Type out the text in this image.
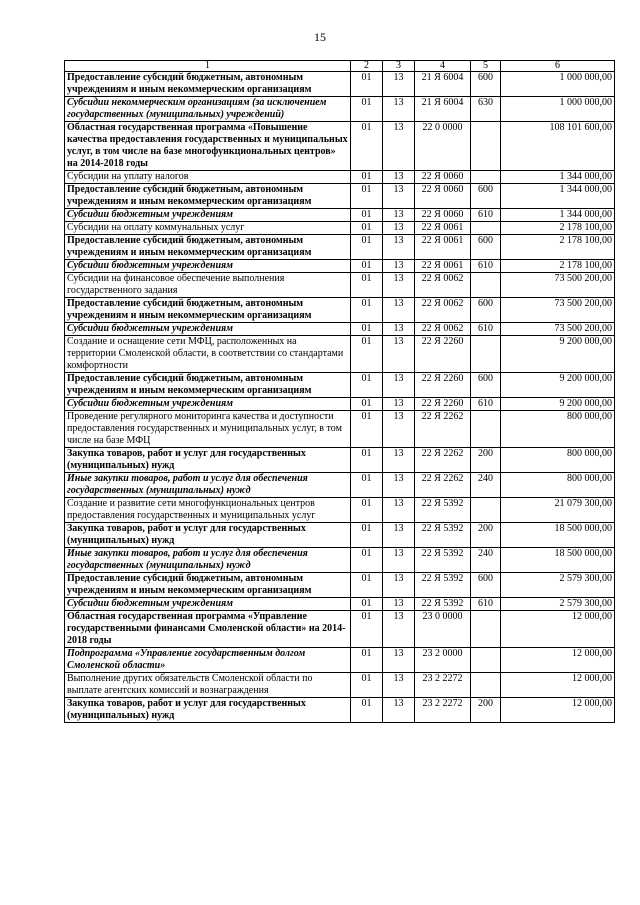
15
1	2	3	4	5	6
Предоставление субсидий бюджетным, автономным учреждениям и иным некоммерческим организациям	01	13	21 Я 6004	600	1 000 000,00
Субсидии некоммерческим организациям (за исключением государственных (муниципальных) учреждений)	01	13	21 Я 6004	630	1 000 000,00
Областная государственная программа «Повышение качества предоставления государственных и муниципальных услуг, в том числе на базе многофункциональных центров» на 2014-2018 годы	01	13	22 0 0000		108 101 600,00
Субсидии на уплату налогов	01	13	22 Я 0060		1 344 000,00
Предоставление субсидий бюджетным, автономным учреждениям и иным некоммерческим организациям	01	13	22 Я 0060	600	1 344 000,00
Субсидии бюджетным учреждениям	01	13	22 Я 0060	610	1 344 000,00
Субсидии на оплату коммунальных услуг	01	13	22 Я 0061		2 178 100,00
Предоставление субсидий бюджетным, автономным учреждениям и иным некоммерческим организациям	01	13	22 Я 0061	600	2 178 100,00
Субсидии бюджетным учреждениям	01	13	22 Я 0061	610	2 178 100,00
Субсидии на финансовое обеспечение выполнения государственного задания	01	13	22 Я 0062		73 500 200,00
Предоставление субсидий бюджетным, автономным учреждениям и иным некоммерческим организациям	01	13	22 Я 0062	600	73 500 200,00
Субсидии бюджетным учреждениям	01	13	22 Я 0062	610	73 500 200,00
Создание и оснащение сети МФЦ, расположенных на территории Смоленской области, в соответствии со стандартами комфортности	01	13	22 Я 2260		9 200 000,00
Предоставление субсидий бюджетным, автономным учреждениям и иным некоммерческим организациям	01	13	22 Я 2260	600	9 200 000,00
Субсидии бюджетным учреждениям	01	13	22 Я 2260	610	9 200 000,00
Проведение регулярного мониторинга качества и доступности предоставления государственных и муниципальных услуг, в том числе на базе МФЦ	01	13	22 Я 2262		800 000,00
Закупка товаров, работ и услуг для государственных (муниципальных) нужд	01	13	22 Я 2262	200	800 000,00
Иные закупки товаров, работ и услуг для обеспечения государственных (муниципальных) нужд	01	13	22 Я 2262	240	800 000,00
Создание и развитие сети многофункциональных центров предоставления государственных и муниципальных услуг	01	13	22 Я 5392		21 079 300,00
Закупка товаров, работ и услуг для государственных (муниципальных) нужд	01	13	22 Я 5392	200	18 500 000,00
Иные закупки товаров, работ и услуг для обеспечения государственных (муниципальных) нужд	01	13	22 Я 5392	240	18 500 000,00
Предоставление субсидий бюджетным, автономным учреждениям и иным некоммерческим организациям	01	13	22 Я 5392	600	2 579 300,00
Субсидии бюджетным учреждениям	01	13	22 Я 5392	610	2 579 300,00
Областная государственная программа «Управление государственными финансами Смоленской области» на 2014-2018 годы	01	13	23 0 0000		12 000,00
Подпрограмма «Управление государственным долгом Смоленской области»	01	13	23 2 0000		12 000,00
Выполнение других обязательств Смоленской области по выплате агентских комиссий и вознаграждения	01	13	23 2 2272		12 000,00
Закупка товаров, работ и услуг для государственных (муниципальных) нужд	01	13	23 2 2272	200	12 000,00
